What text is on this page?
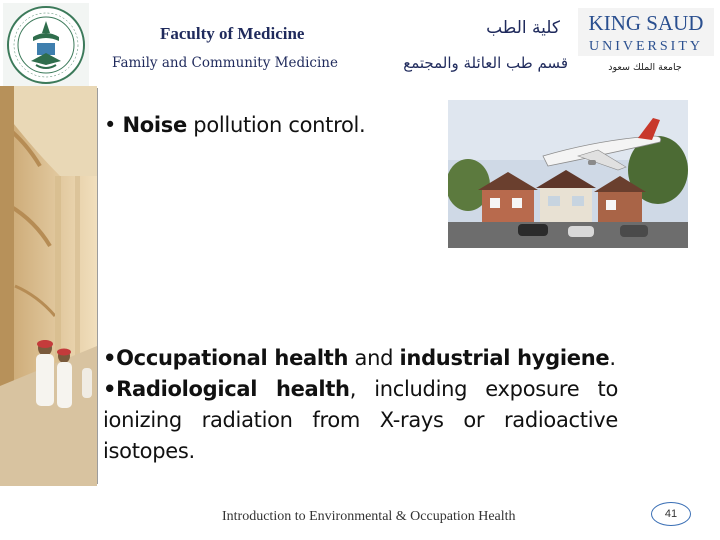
Faculty of Medicine
Family and Community Medicine
كلية الطب
قسم طب العائلة والمجتمع
KING SAUD
UNIVERSITY
جامعة الملك سعود
• Noise pollution control.

•Occupational health and industrial hygiene.

•Radiological health, including exposure to

ionizing radiation from X-rays or radioactive

isotopes.

Introduction to Environmental & Occupation Health	41
